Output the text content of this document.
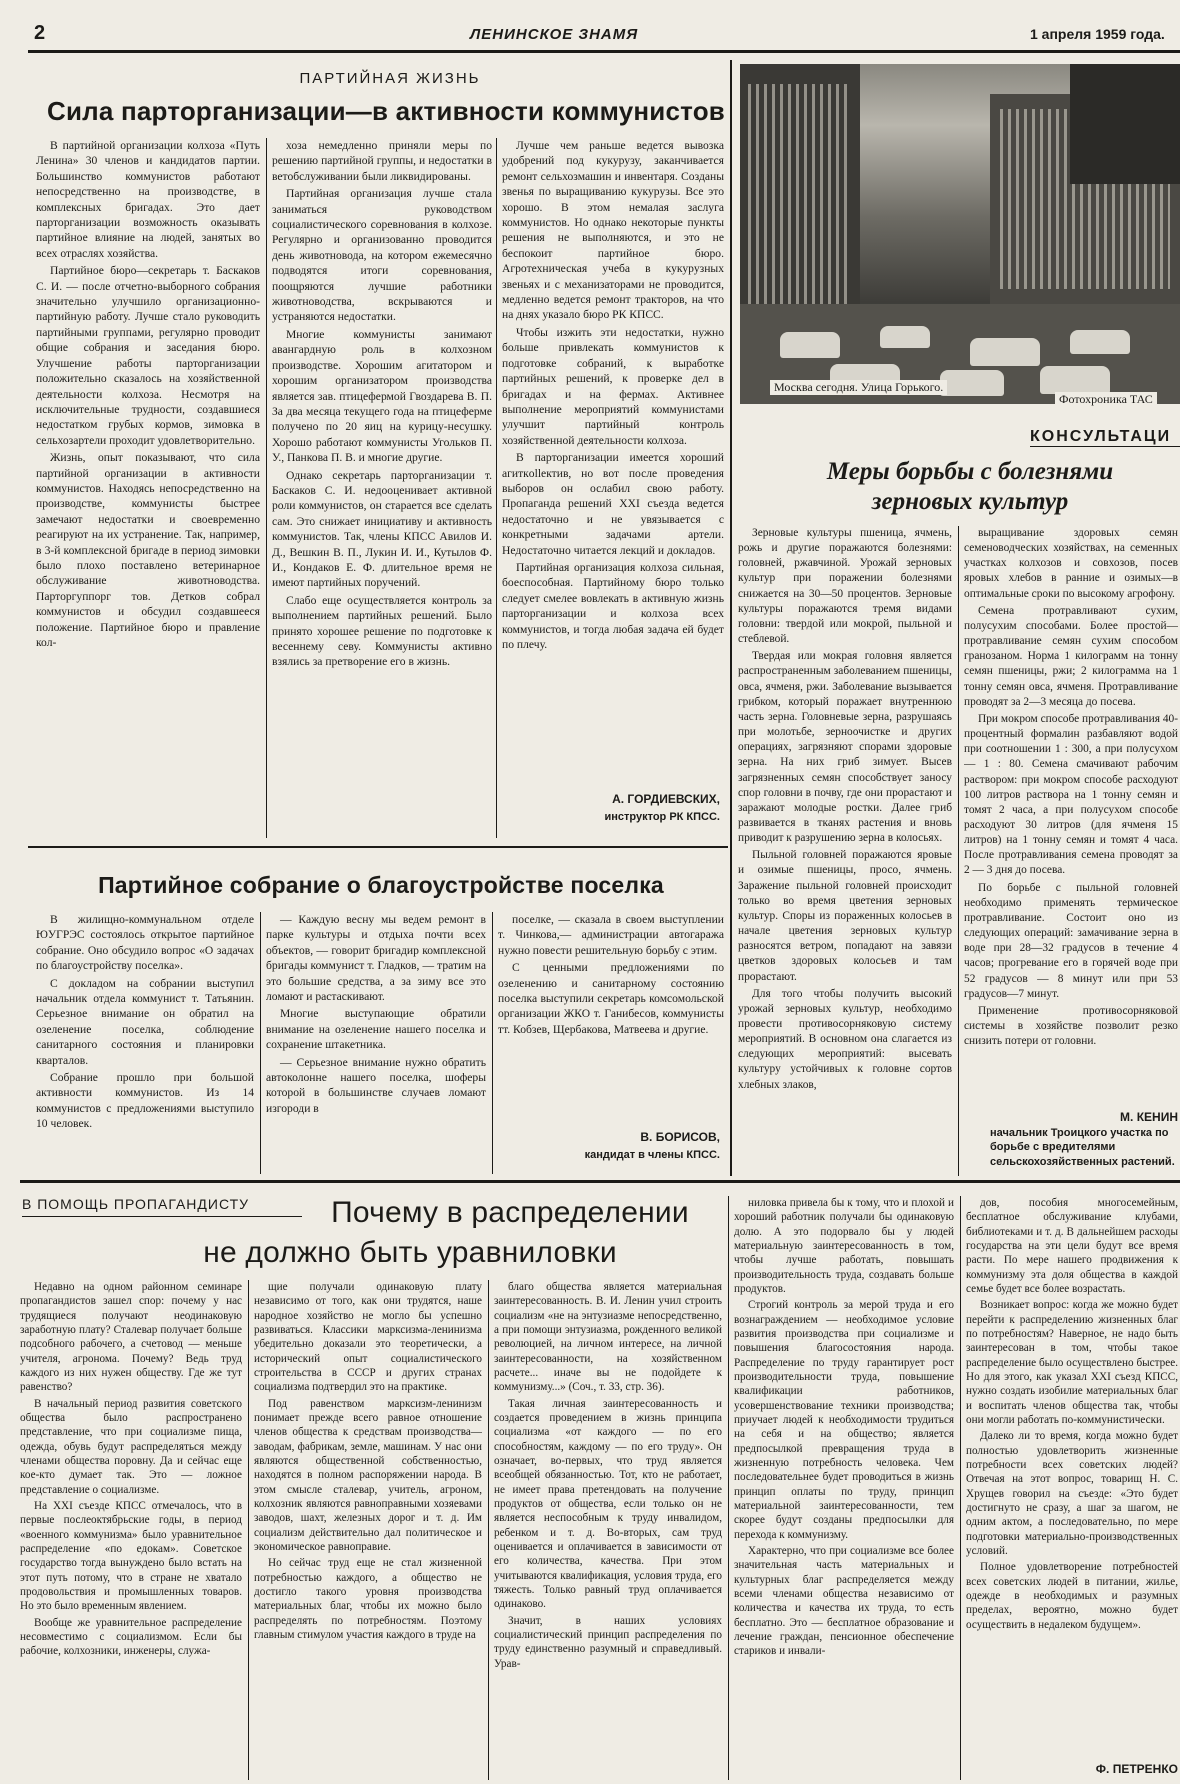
2	ЛЕНИНСКОЕ ЗНАМЯ	1 апреля 1959 года.
ПАРТИЙНАЯ ЖИЗНЬ
Сила парторганизации—в активности коммунистов

В партийной организации колхоза «Путь Ленина» 30 членов и кандидатов партии. Большинство коммунистов работают непосредственно на производстве, в комплексных бригадах. Это дает парторганизации возможность оказывать партийное влияние на людей, занятых во всех отраслях хозяйства.

Партийное бюро—секретарь т. Баскаков С. И. — после отчетно-выборного собрания значительно улучшило организационно-партийную работу. Лучше стало руководить партийными группами, регулярно проводит общие собрания и заседания бюро. Улучшение работы парторганизации положительно сказалось на хозяйственной деятельности колхоза. Несмотря на исключительные трудности, создавшиеся недостатком грубых кормов, зимовка в сельхозартели проходит удовлетворительно.

Жизнь, опыт показывают, что сила партийной организации в активности коммунистов. Находясь непосредственно на производстве, коммунисты быстрее замечают недостатки и своевременно реагируют на их устранение. Так, например, в 3-й комплексной бригаде в период зимовки было плохо поставлено ветеринарное обслуживание животноводства. Парторгуппорг тов. Детков собрал коммунистов и обсудил создавшееся положение. Партийное бюро и правление кол-

хоза немедленно приняли меры по решению партийной группы, и недостатки в ветобслуживании были ликвидированы.

Партийная организация лучше стала заниматься руководством социалистического соревнования в колхозе. Регулярно и организованно проводится день животновода, на котором ежемесячно подводятся итоги соревнования, поощряются лучшие работники животноводства, вскрываются и устраняются недостатки.

Многие коммунисты занимают авангардную роль в колхозном производстве. Хорошим агитатором и хорошим организатором производства является зав. птицефермой Гвоздарева В. П. За два месяца текущего года на птицеферме получено по 20 яиц на курицу-несушку. Хорошо работают коммунисты Угольков П. У., Панкова П. В. и многие другие.

Однако секретарь парторганизации т. Баскаков С. И. недооценивает активной роли коммунистов, он старается все сделать сам. Это снижает инициативу и активность коммунистов. Так, члены КПСС Авилов И. Д., Вешкин В. П., Лукин И. И., Кутылов Ф. И., Кондаков Е. Ф. длительное время не имеют партийных поручений.

Слабо еще осуществляется контроль за выполнением партийных решений. Было принято хорошее решение по подготовке к весеннему севу. Коммунисты активно взялись за претворение его в жизнь.

Лучше чем раньше ведется вывозка удобрений под кукурузу, заканчивается ремонт сельхозмашин и инвентаря. Созданы звенья по выращиванию кукурузы. Все это хорошо. В этом немалая заслуга коммунистов. Но однако некоторые пункты решения не выполняются, и это не беспокоит партийное бюро. Агротехническая учеба в кукурузных звеньях и с механизаторами не проводится, медленно ведется ремонт тракторов, на что на днях указало бюро РК КПСС.

Чтобы изжить эти недостатки, нужно больше привлекать коммунистов к подготовке собраний, к выработке партийных решений, к проверке дел в бригадах и на фермах. Активнее выполнение мероприятий коммунистами улучшит партийный контроль хозяйственной деятельности колхоза.

В парторганизации имеется хороший агиткollектив, но вот после проведения выборов он ослабил свою работу. Пропаганда решений XXI съезда ведется недостаточно и не увязывается с конкретными задачами артели. Недостаточно читается лекций и докладов.

Партийная организация колхоза сильная, боеспособная. Партийному бюро только следует смелее вовлекать в активную жизнь парторганизации и колхоза всех коммунистов, и тогда любая задача ей будет по плечу.

А. ГОРДИЕВСКИХ,
инструктор РК КПСС.
Москва сегодня. Улица Горького.
Фотохроника ТАС
КОНСУЛЬТАЦИ
Меры борьбы с болезнями
зерновых культур

Зерновые культуры пшеница, ячмень, рожь и другие поражаются болезнями: головней, ржавчиной. Урожай зерновых культур при поражении болезнями снижается на 30—50 процентов. Зерновые культуры поражаются тремя видами головни: твердой или мокрой, пыльной и стеблевой.

Твердая или мокрая головня является распространенным заболеванием пшеницы, овса, ячменя, ржи. Заболевание вызывается грибком, который поражает внутреннюю часть зерна. Головневые зерна, разрушаясь при молотьбе, зерноочистке и других операциях, загрязняют спорами здоровые зерна. На них гриб зимует. Высев загрязненных семян способствует заносу спор головни в почву, где они прорастают и заражают молодые ростки. Далее гриб развивается в тканях растения и вновь приводит к разрушению зерна в колосьях.

Пыльной головней поражаются яровые и озимые пшеницы, просо, ячмень. Заражение пыльной головней происходит только во время цветения зерновых культур. Споры из пораженных колосьев в начале цветения зерновых культур разносятся ветром, попадают на завязи цветков здоровых колосьев и там прорастают.

Для того чтобы получить высокий урожай зерновых культур, необходимо провести противосорняковую систему мероприятий. В основном она слагается из следующих мероприятий: высевать культуру устойчивых к головне сортов хлебных злаков,

выращивание здоровых семян семеноводческих хозяйствах, на семенных участках колхозов и совхозов, посев яровых хлебов в ранние и озимых—в оптимальные сроки по высокому агрофону.

Семена протравливают сухим, полусухим способами. Более простой—протравливание семян сухим способом гранозаном. Норма 1 килограмм на тонну семян пшеницы, ржи; 2 килограмма на 1 тонну семян овса, ячменя. Протравливание проводят за 2—3 месяца до посева.

При мокром способе протравливания 40-процентный формалин разбавляют водой при соотношении 1 : 300, а при полусухом — 1 : 80. Семена смачивают рабочим раствором: при мокром способе расходуют 100 литров раствора на 1 тонну семян и томят 2 часа, а при полусухом способе расходуют 30 литров (для ячменя 15 литров) на 1 тонну семян и томят 4 часа. После протравливания семена проводят за 2 — 3 дня до посева.

По борьбе с пыльной головней необходимо применять термическое протравливание. Состоит оно из следующих операций: замачивание зерна в воде при 28—32 градусов в течение 4 часов; прогревание его в горячей воде при 52 градусов — 8 минут или при 53 градусов—7 минут.

Применение противосорняковой системы в хозяйстве позволит резко снизить потери от головни.

М. КЕНИН
начальник Троицкого участка по борьбе с вредителями сельскохозяйственных растений.
Партийное собрание о благоустройстве поселка

В жилищно-коммунальном отделе ЮУГРЭС состоялось открытое партийное собрание. Оно обсудило вопрос «О задачах по благоустройству поселка».

С докладом на собрании выступил начальник отдела коммунист т. Татьянин. Серьезное внимание он обратил на озеленение поселка, соблюдение санитарного состояния и планировки кварталов.

Собрание прошло при большой активности коммунистов. Из 14 коммунистов с предложениями выступило 10 человек.

— Каждую весну мы ведем ремонт в парке культуры и отдыха почти всех объектов, — говорит бригадир комплексной бригады коммунист т. Гладков, — тратим на это большие средства, а за зиму все это ломают и растаскивают.

Многие выступающие обратили внимание на озеленение нашего поселка и сохранение штакетника.

— Серьезное внимание нужно обратить автоколонне нашего поселка, шоферы которой в большинстве случаев ломают изгороди в

поселке, — сказала в своем выступлении т. Чинкова,— администрации автогаража нужно повести решительную борьбу с этим.

С ценными предложениями по озеленению и санитарному состоянию поселка выступили секретарь комсомольской организации ЖКО т. Ганибесов, коммунисты тт. Кобзев, Щербакова, Матвеева и другие.

В. БОРИСОВ,
кандидат в члены КПСС.
В ПОМОЩЬ ПРОПАГАНДИСТУ	Почему в распределении
не должно быть уравниловки

Недавно на одном районном семинаре пропагандистов зашел спор: почему у нас трудящиеся получают неодинаковую заработную плату? Сталевар получает больше подсобного рабочего, а счетовод — меньше учителя, агронома. Почему? Ведь труд каждого из них нужен обществу. Где же тут равенство?

В начальный период развития советского общества было распространено представление, что при социализме пища, одежда, обувь будут распределяться между членами общества поровну. Да и сейчас еще кое-кто думает так. Это — ложное представление о социализме.

На XXI съезде КПСС отмечалось, что в первые послеоктябрьские годы, в период «военного коммунизма» было уравнительное распределение «по едокам». Советское государство тогда вынуждено было встать на этот путь потому, что в стране не хватало продовольствия и промышленных товаров. Но это было временным явлением.

Вообще же уравнительное распределение несовместимо с социализмом. Если бы рабочие, колхозники, инженеры, служа-

щие получали одинаковую плату независимо от того, как они трудятся, наше народное хозяйство не могло бы успешно развиваться. Классики марксизма-ленинизма убедительно доказали это теоретически, а исторический опыт социалистического строительства в СССР и других странах социализма подтвердил это на практике.

Под равенством марксизм-ленинизм понимает прежде всего равное отношение членов общества к средствам производства—заводам, фабрикам, земле, машинам. У нас они являются общественной собственностью, находятся в полном распоряжении народа. В этом смысле сталевар, учитель, агроном, колхозник являются равноправными хозяевами заводов, шахт, железных дорог и т. д. Им социализм действительно дал политическое и экономическое равноправие.

Но сейчас труд еще не стал жизненной потребностью каждого, а общество не достигло такого уровня производства материальных благ, чтобы их можно было распределять по потребностям. Поэтому главным стимулом участия каждого в труде на

благо общества является материальная заинтересованность. В. И. Ленин учил строить социализм «не на энтузиазме непосредственно, а при помощи энтузиазма, рожденного великой революцией, на личном интересе, на личной заинтересованности, на хозяйственном расчете... иначе вы не подойдете к коммунизму...» (Соч., т. 33, стр. 36).

Такая личная заинтересованность и создается проведением в жизнь принципа социализма «от каждого — по его способностям, каждому — по его труду». Он означает, во-первых, что труд является всеобщей обязанностью. Тот, кто не работает, не имеет права претендовать на получение продуктов от общества, если только он не является неспособным к труду инвалидом, ребенком и т. д. Во-вторых, сам труд оценивается и оплачивается в зависимости от его количества, качества. При этом учитываются квалификация, условия труда, его тяжесть. Только равный труд оплачивается одинаково.

Значит, в наших условиях социалистический принцип распределения по труду единственно разумный и справедливый. Урав-

ниловка привела бы к тому, что и плохой и хороший работник получали бы одинаковую долю. А это подорвало бы у людей материальную заинтересованность в том, чтобы лучше работать, повышать производительность труда, создавать больше продуктов.

Строгий контроль за мерой труда и его вознаграждением — необходимое условие развития производства при социализме и повышения благосостояния народа. Распределение по труду гарантирует рост производительности труда, повышение квалификации работников, усовершенствование техники производства; приучает людей к необходимости трудиться на себя и на общество; является предпосылкой превращения труда в жизненную потребность человека. Чем последовательнее будет проводиться в жизнь принцип оплаты по труду, принцип материальной заинтересованности, тем скорее будут созданы предпосылки для перехода к коммунизму.

Характерно, что при социализме все более значительная часть материальных и культурных благ распределяется между всеми членами общества независимо от количества и качества их труда, то есть бесплатно. Это — бесплатное образование и лечение граждан, пенсионное обеспечение стариков и инвали-

дов, пособия многосемейным, бесплатное обслуживание клубами, библиотеками и т. д. В дальнейшем расходы государства на эти цели будут все время расти. По мере нашего продвижения к коммунизму эта доля общества в каждой семье будет все более возрастать.

Возникает вопрос: когда же можно будет перейти к распределению жизненных благ по потребностям? Наверное, не надо быть заинтересован в том, чтобы такое распределение было осуществлено быстрее. Но для этого, как указал XXI съезд КПСС, нужно создать изобилие материальных благ и воспитать членов общества так, чтобы они могли работать по-коммунистически.

Далеко ли то время, когда можно будет полностью удовлетворить жизненные потребности всех советских людей? Отвечая на этот вопрос, товарищ Н. С. Хрущев говорил на съезде: «Это будет достигнуто не сразу, а шаг за шагом, не одним актом, а последовательно, по мере подготовки материально-производственных условий.

Полное удовлетворение потребностей всех советских людей в питании, жилье, одежде в необходимых и разумных пределах, вероятно, можно будет осуществить в недалеком будущем».

Ф. ПЕТРЕНКО
